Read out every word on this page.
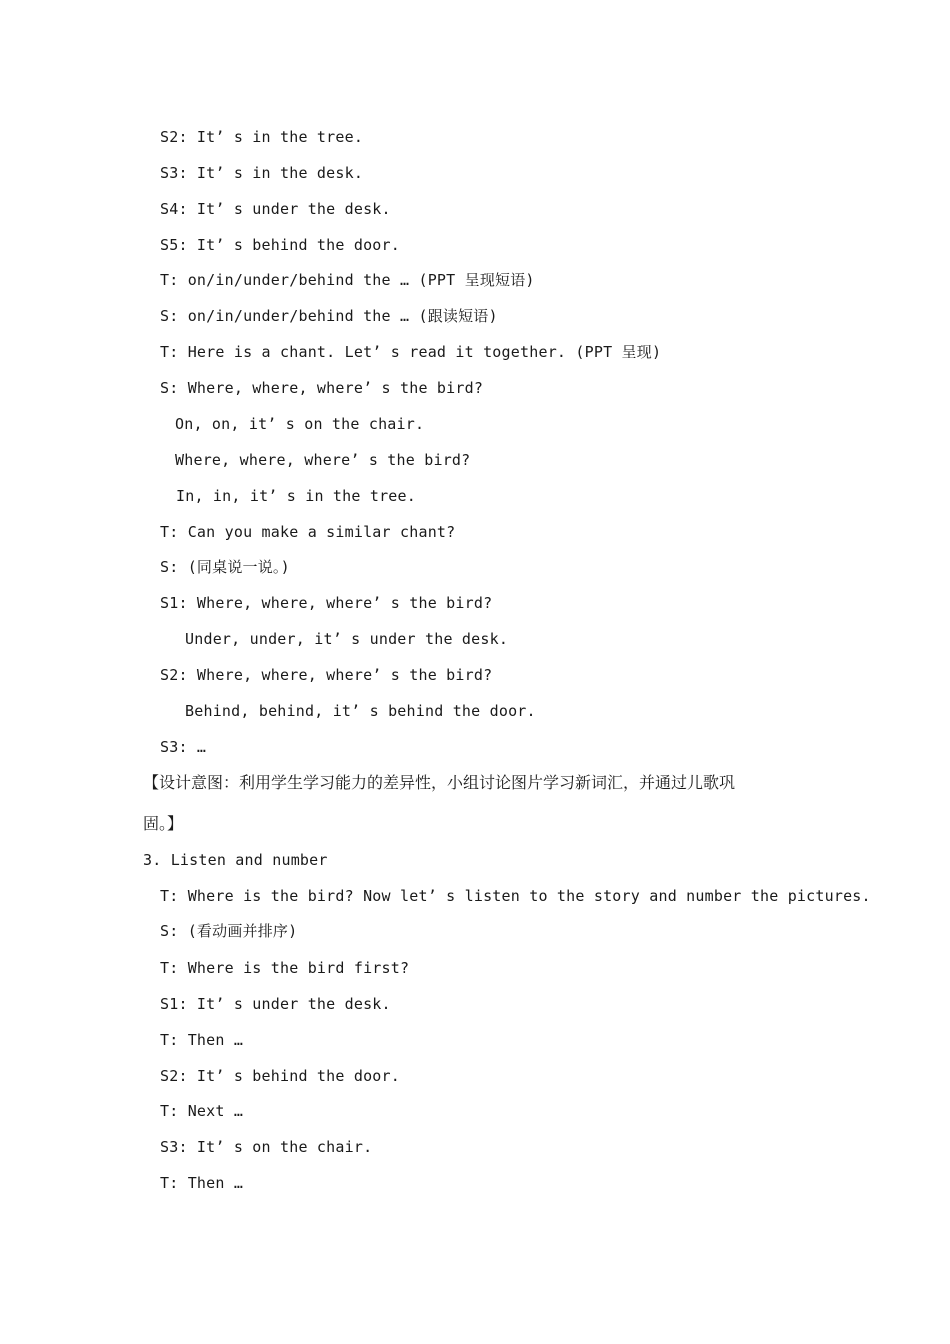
S2: It’ s in the tree.
S3: It’ s in the desk.
S4: It’ s under the desk.
S5: It’ s behind the door.
T: on/in/under/behind the … (PPT 呈现短语)
S: on/in/under/behind the … (跟读短语)
T: Here is a chant. Let’ s read it together. (PPT 呈现)
S: Where, where, where’ s the bird?
On, on, it’ s on the chair.
Where, where, where’ s the bird?
In, in, it’ s in the tree.
T: Can you make a similar chant?
S: (同桌说一说。)
S1: Where, where, where’ s the bird?
Under, under, it’ s under the desk.
S2: Where, where, where’ s the bird?
Behind, behind, it’ s behind the door.
S3: …
【设计意图：利用学生学习能力的差异性，小组讨论图片学习新词汇，并通过儿歌巩
固。】
3. Listen and number
T: Where is the bird? Now let’ s listen to the story and number the pictures.
S: (看动画并排序)
T: Where is the bird first?
S1: It’ s under the desk.
T: Then …
S2: It’ s behind the door.
T: Next …
S3: It’ s on the chair.
T: Then …
